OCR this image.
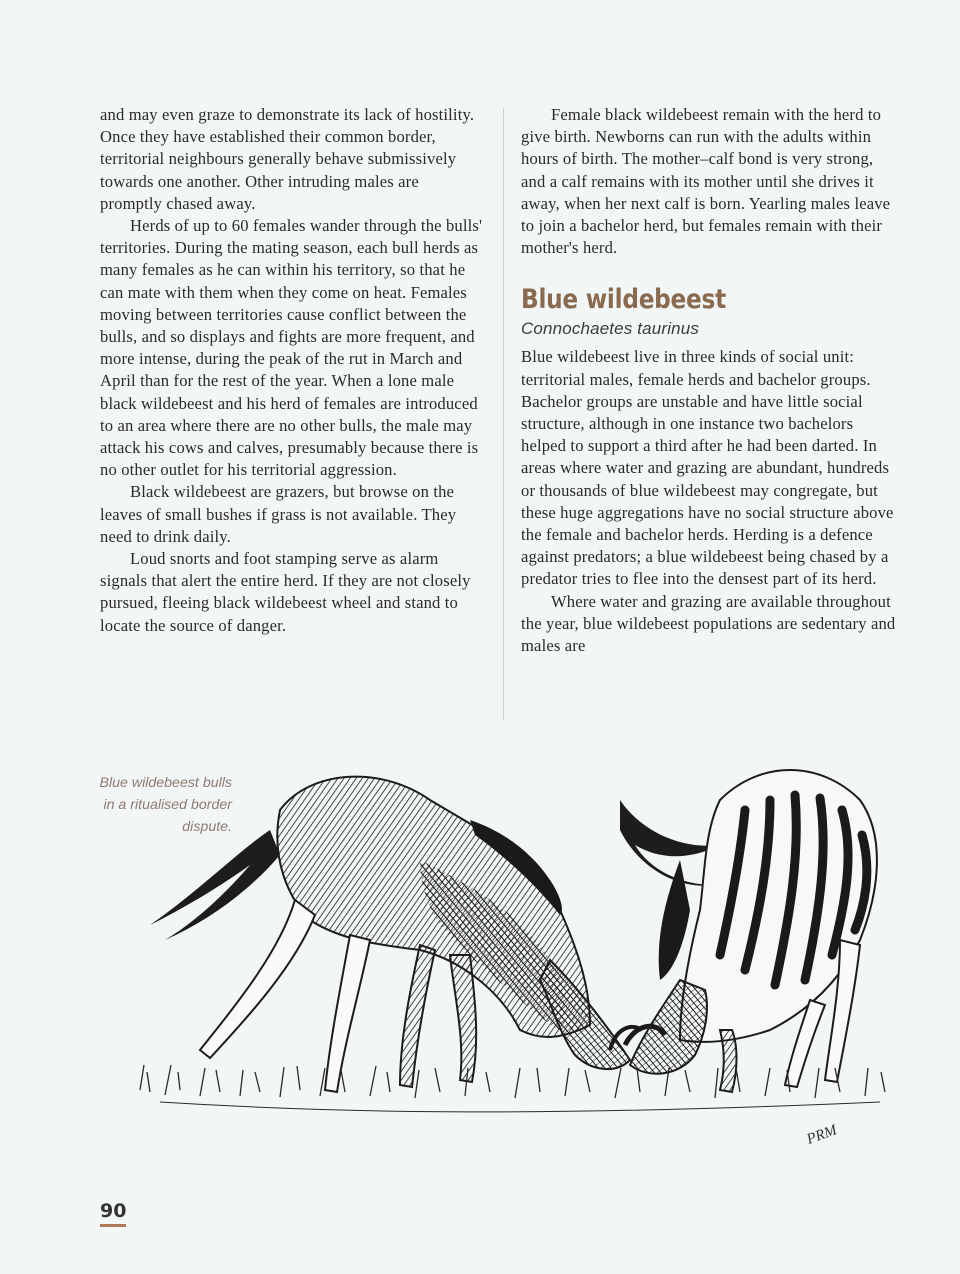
and may even graze to demonstrate its lack of hostility. Once they have established their common border, territorial neighbours generally behave submissively towards one another. Other intruding males are promptly chased away.

Herds of up to 60 females wander through the bulls' territories. During the mating season, each bull herds as many females as he can within his territory, so that he can mate with them when they come on heat. Females moving between territories cause conflict between the bulls, and so displays and fights are more frequent, and more intense, during the peak of the rut in March and April than for the rest of the year. When a lone male black wildebeest and his herd of females are introduced to an area where there are no other bulls, the male may attack his cows and calves, presumably because there is no other outlet for his territorial aggression.

Black wildebeest are grazers, but browse on the leaves of small bushes if grass is not available. They need to drink daily.

Loud snorts and foot stamping serve as alarm signals that alert the entire herd. If they are not closely pursued, fleeing black wildebeest wheel and stand to locate the source of danger.

Female black wildebeest remain with the herd to give birth. Newborns can run with the adults within hours of birth. The mother–calf bond is very strong, and a calf remains with its mother until she drives it away, when her next calf is born. Yearling males leave to join a bachelor herd, but females remain with their mother's herd.

Blue wildebeest
Connochaetes taurinus

Blue wildebeest live in three kinds of social unit: territorial males, female herds and bachelor groups. Bachelor groups are unstable and have little social structure, although in one instance two bachelors helped to support a third after he had been darted. In areas where water and grazing are abundant, hundreds or thousands of blue wildebeest may congregate, but these huge aggregations have no social structure above the female and bachelor herds. Herding is a defence against predators; a blue wildebeest being chased by a predator tries to flee into the densest part of its herd.

Where water and grazing are available throughout the year, blue wildebeest populations are sedentary and males are

Blue wildebeest bulls in a ritualised border dispute.
PRM
90
